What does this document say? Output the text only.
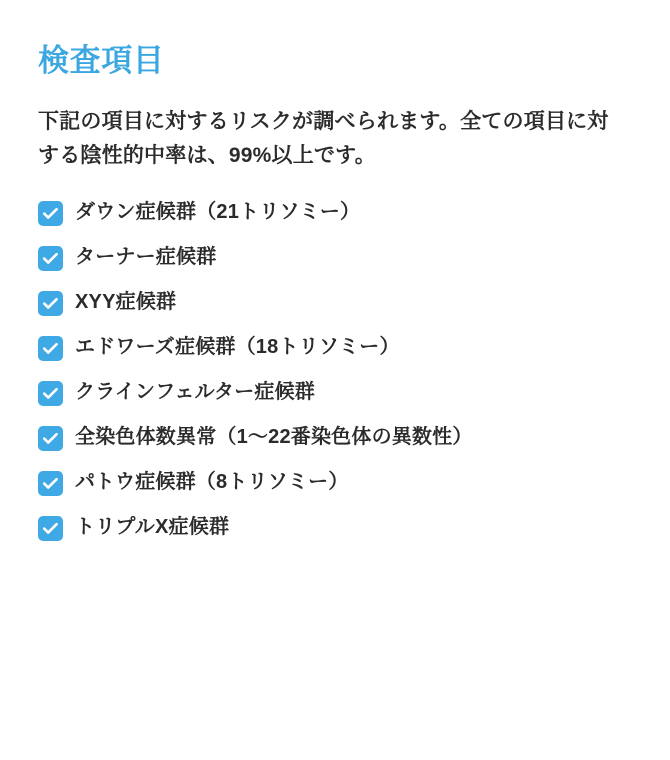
検査項目

下記の項目に対するリスクが調べられます。全ての項目に対する陰性的中率は、99%以上です。

ダウン症候群（21トリソミー）
ターナー症候群
XYY症候群
エドワーズ症候群（18トリソミー）
クラインフェルター症候群
全染色体数異常（1〜22番染色体の異数性）
パトウ症候群（8トリソミー）
トリプルX症候群
